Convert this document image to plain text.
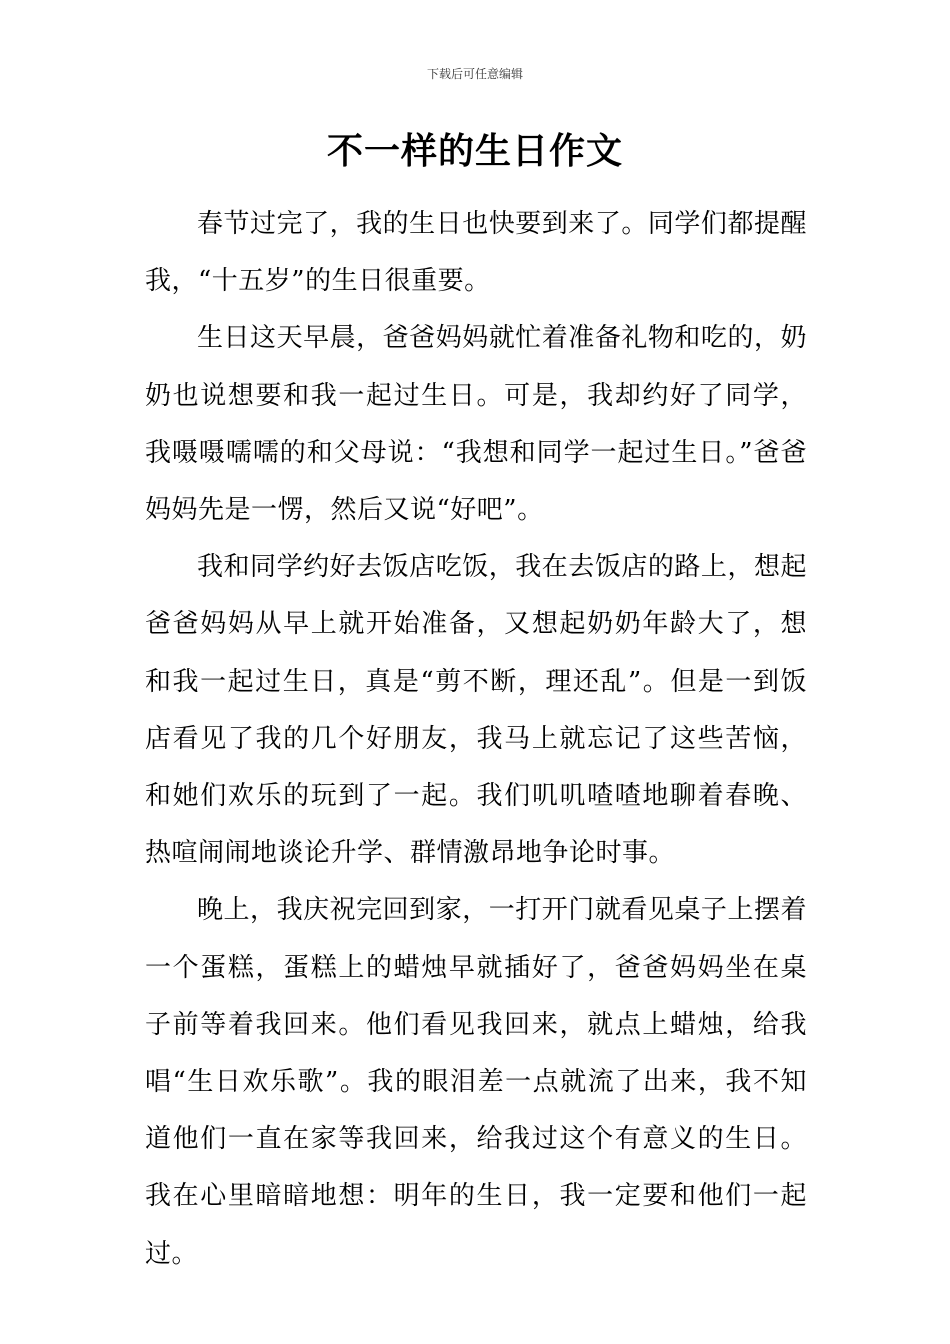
下载后可任意编辑
不一样的生日作文

春节过完了，我的生日也快要到来了。同学们都提醒我，“十五岁”的生日很重要。

生日这天早晨，爸爸妈妈就忙着准备礼物和吃的，奶奶也说想要和我一起过生日。可是，我却约好了同学，我嗫嗫嚅嚅的和父母说：“我想和同学一起过生日。”爸爸妈妈先是一愣，然后又说“好吧”。

我和同学约好去饭店吃饭，我在去饭店的路上，想起爸爸妈妈从早上就开始准备，又想起奶奶年龄大了，想和我一起过生日，真是“剪不断，理还乱”。但是一到饭店看见了我的几个好朋友，我马上就忘记了这些苦恼，和她们欢乐的玩到了一起。我们叽叽喳喳地聊着春晚、热喧闹闹地谈论升学、群情激昂地争论时事。

晚上，我庆祝完回到家，一打开门就看见桌子上摆着一个蛋糕，蛋糕上的蜡烛早就插好了，爸爸妈妈坐在桌子前等着我回来。他们看见我回来，就点上蜡烛，给我唱“生日欢乐歌”。我的眼泪差一点就流了出来，我不知道他们一直在家等我回来，给我过这个有意义的生日。我在心里暗暗地想：明年的生日，我一定要和他们一起过。
